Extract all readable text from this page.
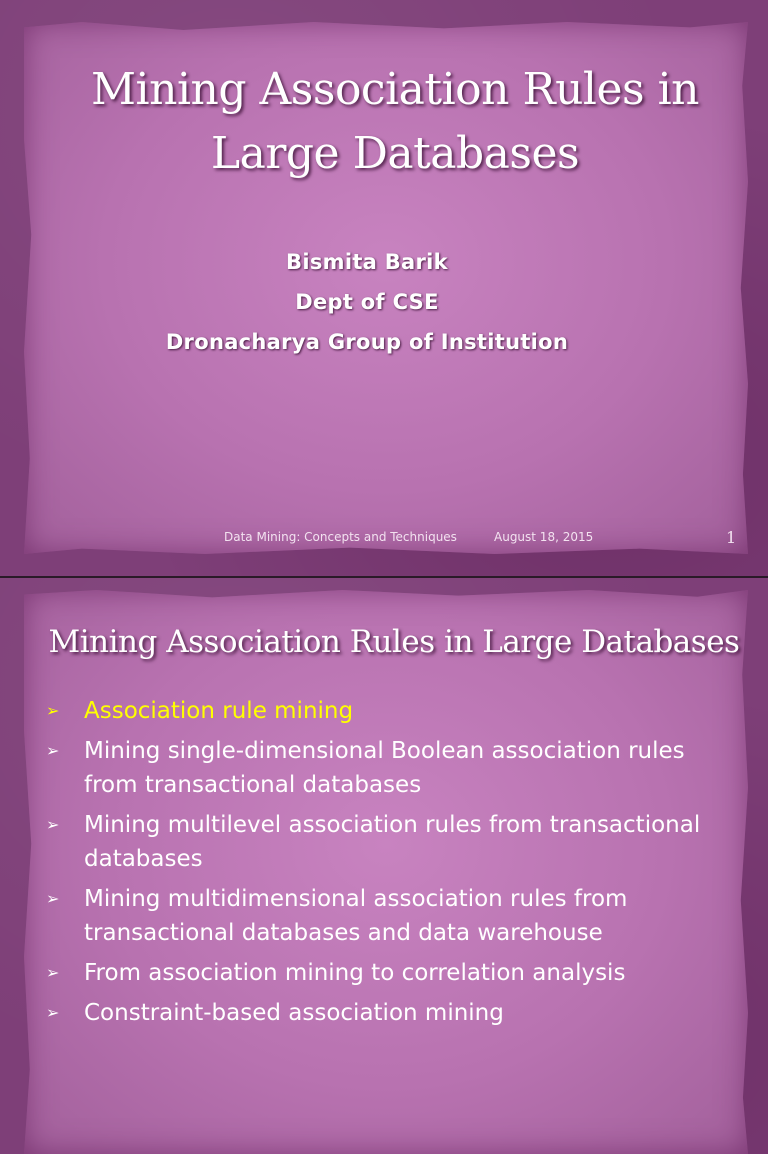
Mining Association Rules in Large Databases
Bismita Barik
Dept of CSE
Dronacharya Group of Institution
Data Mining: Concepts and Techniques	August 18, 2015	1
Mining Association Rules in Large Databases
➢ Association rule mining
➢ Mining single-dimensional Boolean association rules from transactional databases
➢ Mining multilevel association rules from transactional databases
➢ Mining multidimensional association rules from transactional databases and data warehouse
➢ From association mining to correlation analysis
➢ Constraint-based association mining
